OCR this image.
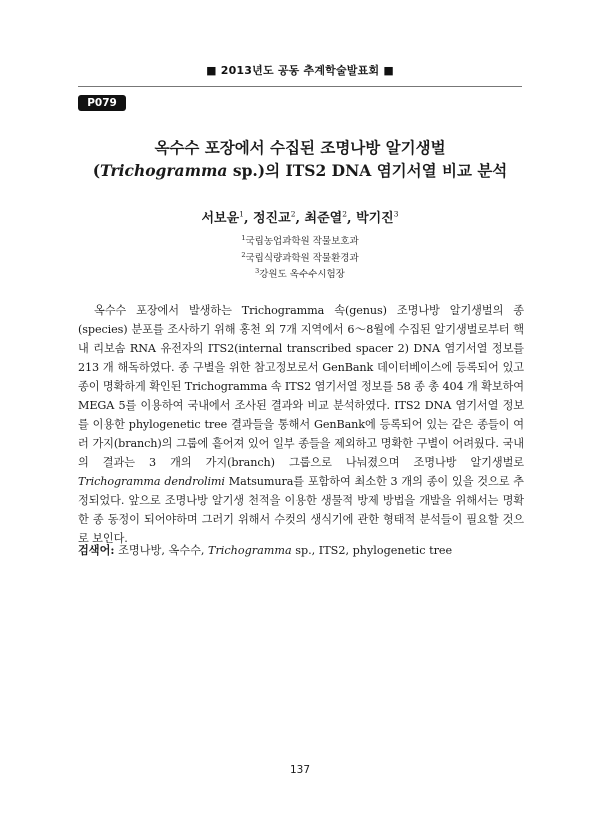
■ 2013년도 공동 추계학술발표회 ■
P079
옥수수 포장에서 수집된 조명나방 알기생벌
(Trichogramma sp.)의 ITS2 DNA 염기서열 비교 분석
서보윤$^1$, 정진교$^2$, 최준열$^2$, 박기진$^3$
$^1$국립농업과학원 작물보호과
$^2$국립식량과학원 작물환경과
$^3$강원도 옥수수시험장

옥수수 포장에서 발생하는 Trichogramma 속(genus) 조명나방 알기생벌의 종(species) 분포를 조사하기 위해 홍천 외 7개 지역에서 6～8월에 수집된 알기생벌로부터 핵내 리보솜 RNA 유전자의 ITS2(internal transcribed spacer 2) DNA 염기서열 정보를 213 개 해독하였다. 종 구별을 위한 참고정보로서 GenBank 데이터베이스에 등록되어 있고 종이 명확하게 확인된 Trichogramma 속 ITS2 염기서열 정보를 58 종 총 404 개 확보하여 MEGA 5를 이용하여 국내에서 조사된 결과와 비교 분석하였다. ITS2 DNA 염기서열 정보를 이용한 phylogenetic tree 결과들을 통해서 GenBank에 등록되어 있는 같은 종들이 여러 가지(branch)의 그룹에 흩어져 있어 일부 종들을 제외하고 명확한 구별이 어려웠다. 국내의 결과는 3 개의 가지(branch) 그룹으로 나눠졌으며 조명나방 알기생벌로 Trichogramma dendrolimi Matsumura를 포함하여 최소한 3 개의 종이 있을 것으로 추정되었다. 앞으로 조명나방 알기생 천적을 이용한 생물적 방제 방법을 개발을 위해서는 명확한 종 동정이 되어야하며 그러기 위해서 수컷의 생식기에 관한 형태적 분석들이 필요할 것으로 보인다.

검색어: 조명나방, 옥수수, Trichogramma sp., ITS2, phylogenetic tree
137
